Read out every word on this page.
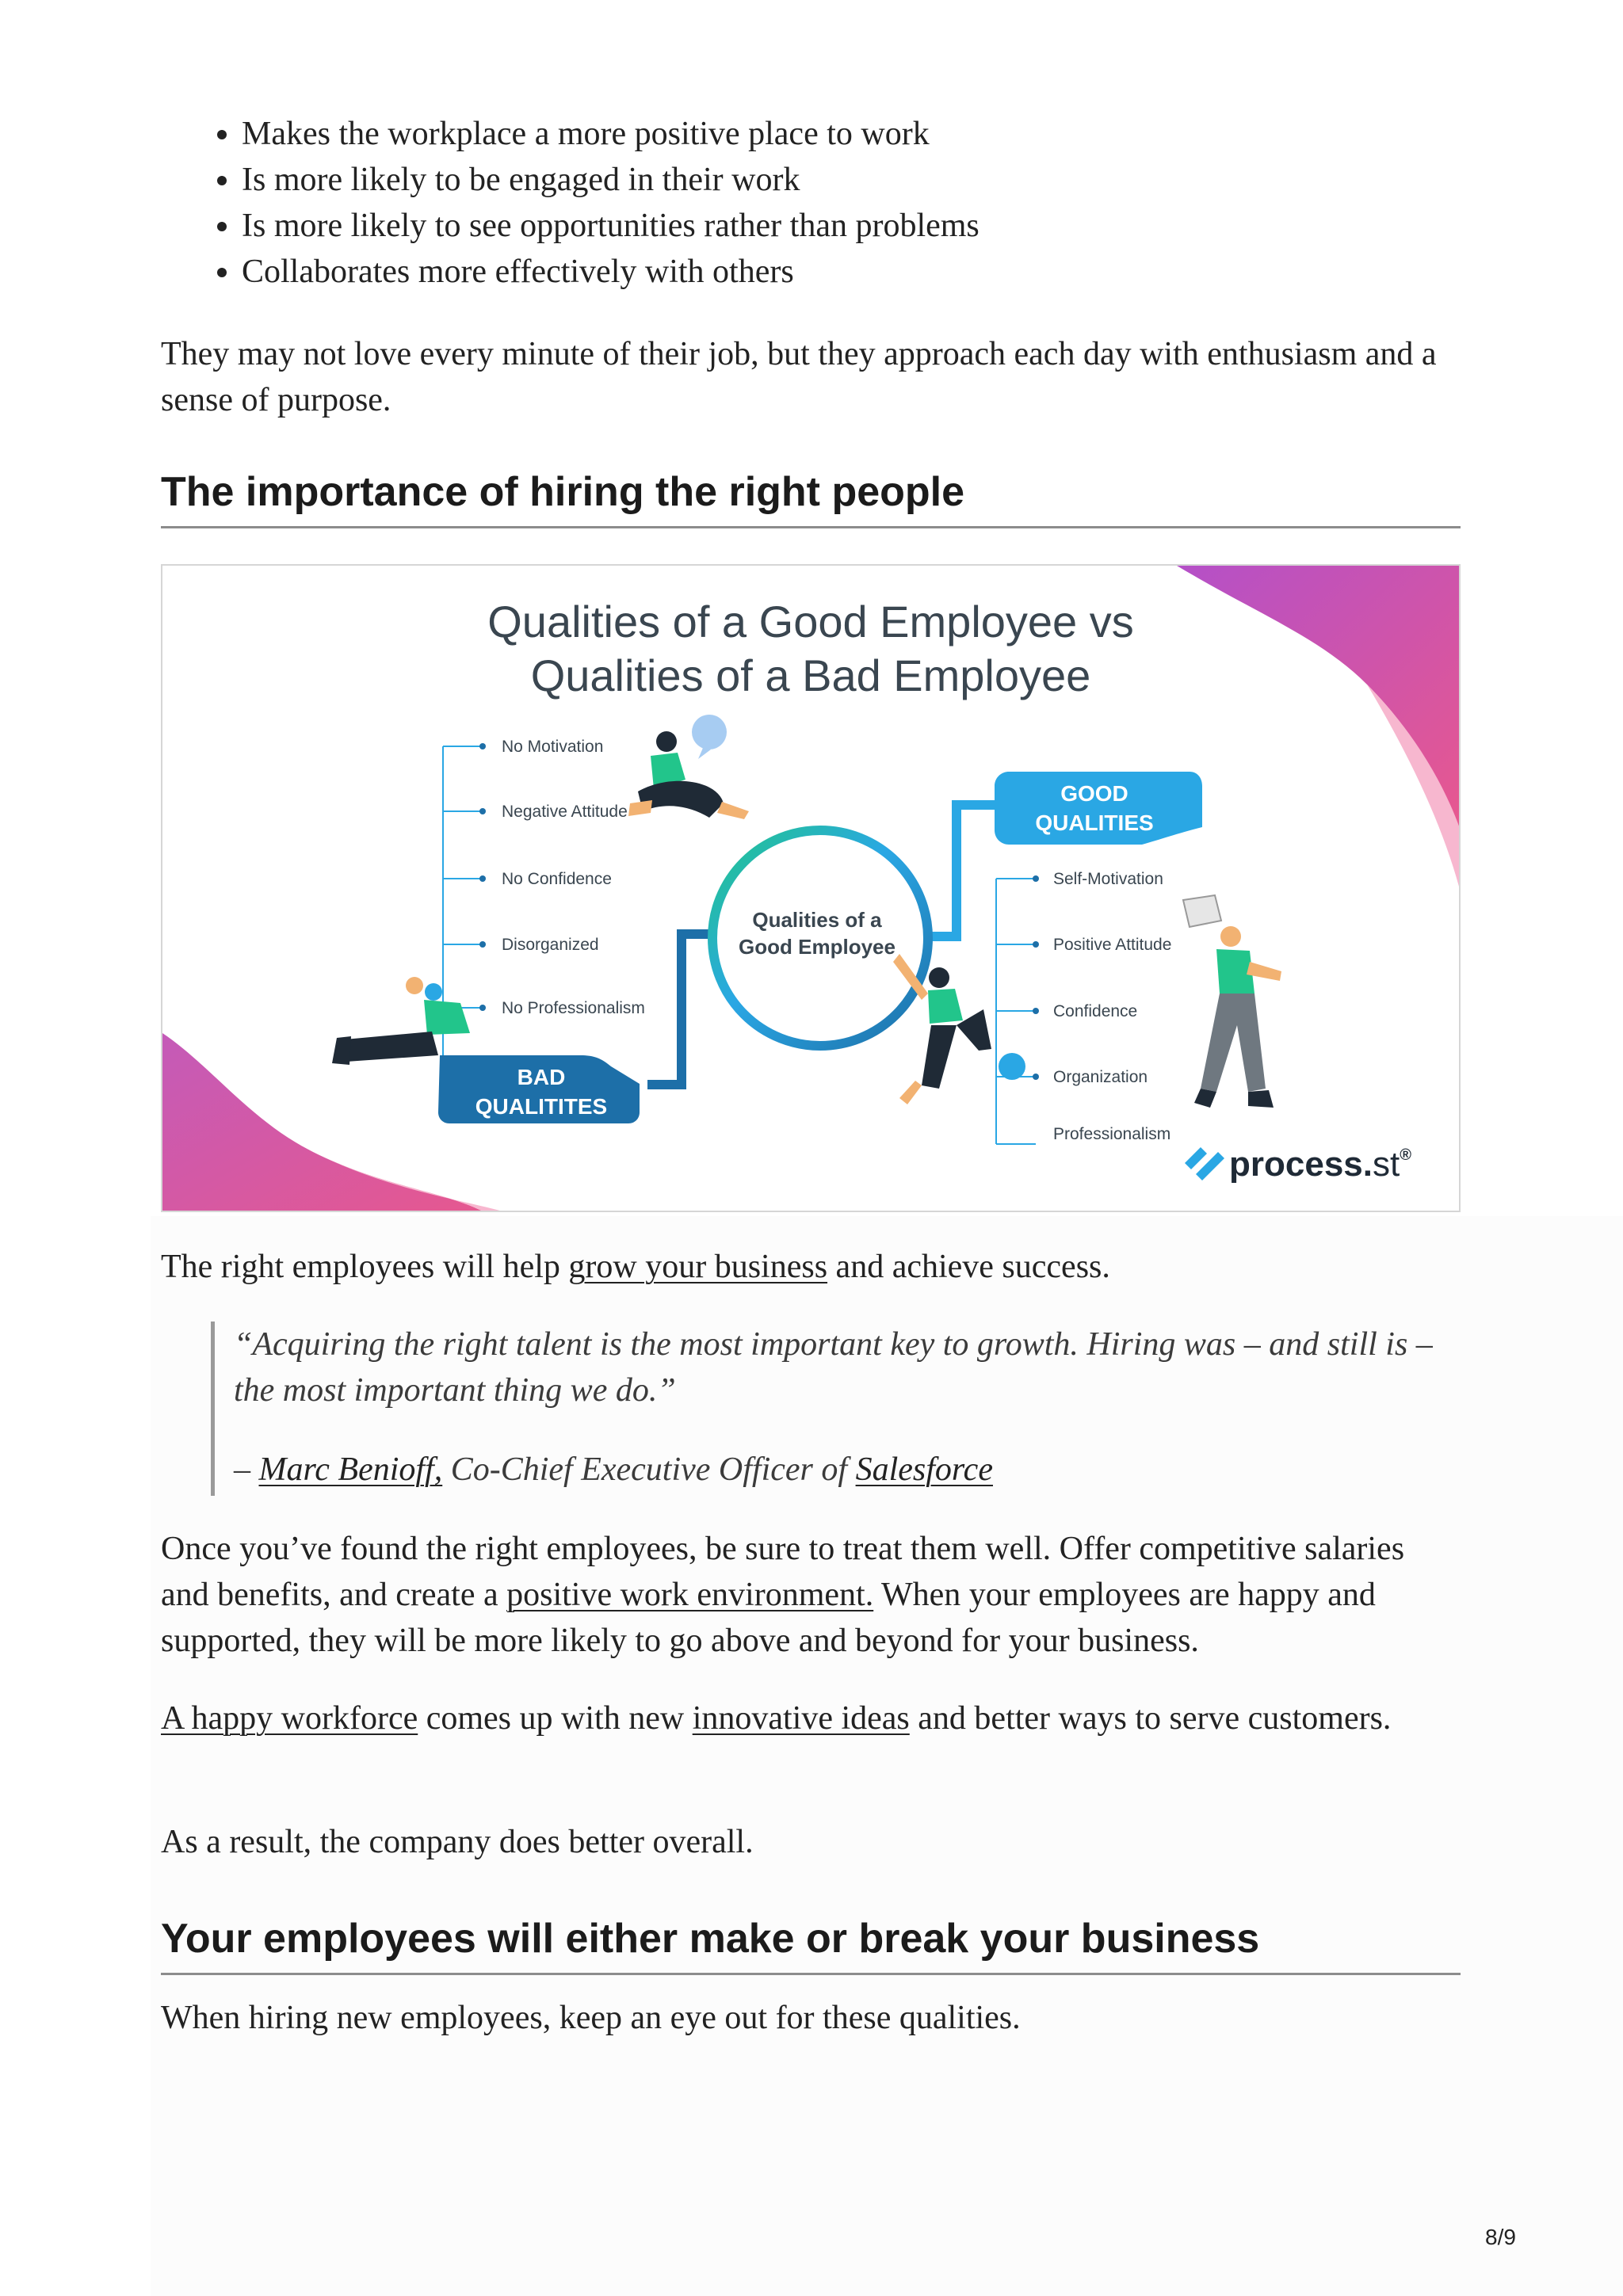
• Makes the workplace a more positive place to work
• Is more likely to be engaged in their work
• Is more likely to see opportunities rather than problems
• Collaborates more effectively with others

They may not love every minute of their job, but they approach each day with enthusiasm and a sense of purpose.

The importance of hiring the right people
Qualities of a Good Employee vs
Qualities of a Bad Employee
No Motivation
Negative Attitude
No Confidence
Disorganized
No Professionalism
Qualities of a
Good Employee
BAD
QUALITITES
GOOD
QUALITIES
Self-Motivation
Positive Attitude
Confidence
Organization
Professionalism
process.st®

The right employees will help grow your business and achieve success.

“Acquiring the right talent is the most important key to growth. Hiring was – and still is – the most important thing we do.”

– Marc Benioff, Co-Chief Executive Officer of Salesforce

Once you’ve found the right employees, be sure to treat them well. Offer competitive salaries and benefits, and create a positive work environment. When your employees are happy and supported, they will be more likely to go above and beyond for your business.

A happy workforce comes up with new innovative ideas and better ways to serve customers.

As a result, the company does better overall.

Your employees will either make or break your business

When hiring new employees, keep an eye out for these qualities.

8/9
